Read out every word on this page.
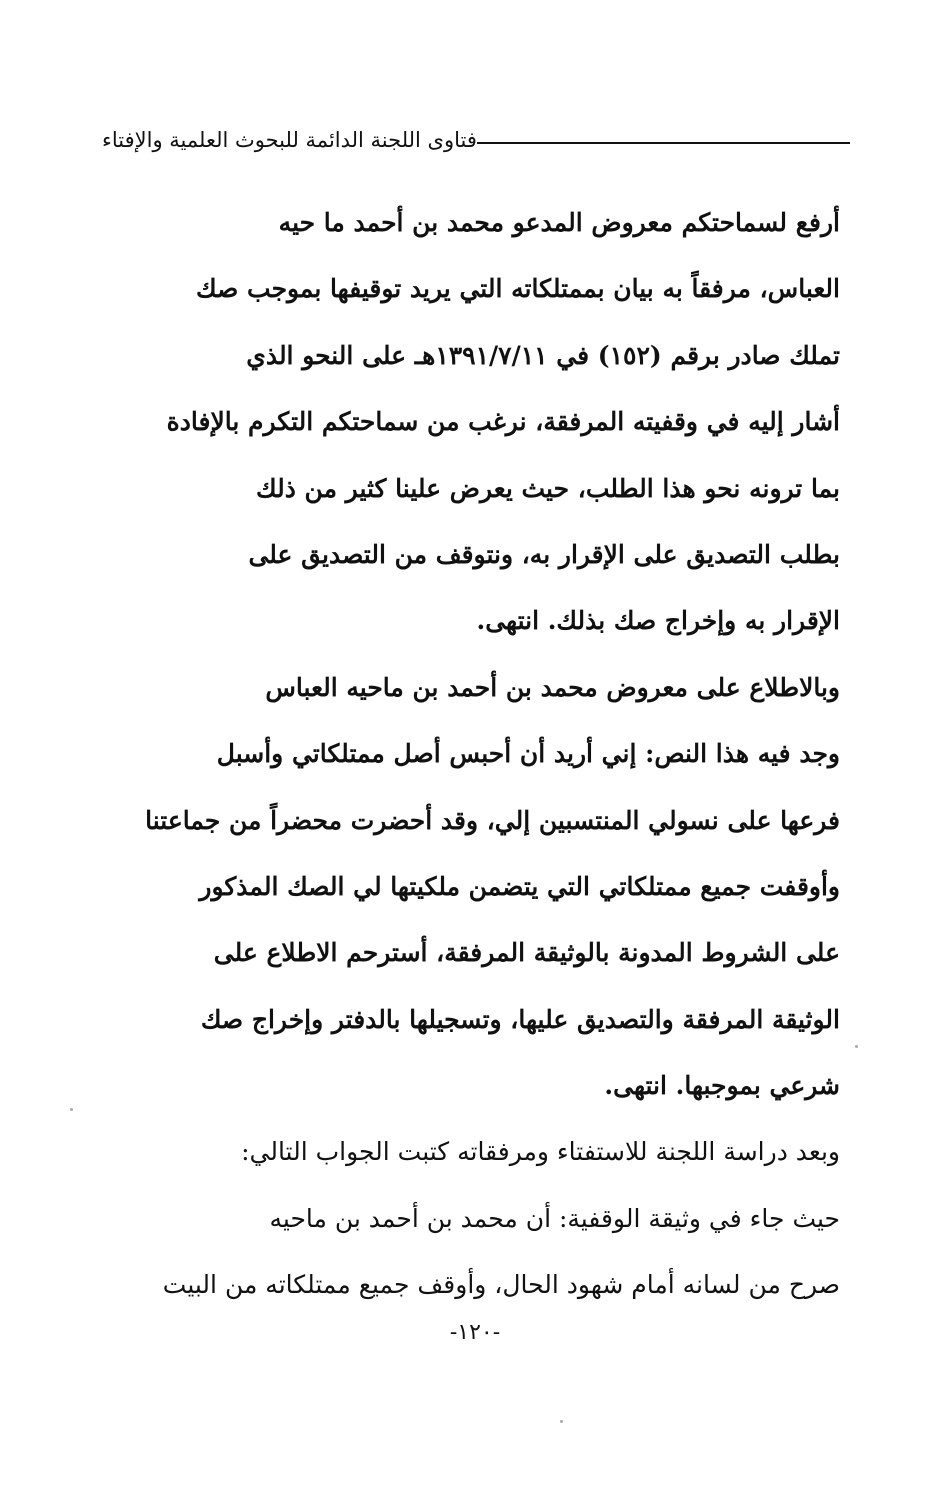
فتاوى اللجنة الدائمة للبحوث العلمية والإفتاء
أرفع لسماحتكم معروض المدعو محمد بن أحمد ما حيه
العباس، مرفقاً به بيان بممتلكاته التي يريد توقيفها بموجب صك
تملك صادر برقم (١٥٢) في ١٣٩١/٧/١١هـ على النحو الذي
أشار إليه في وقفيته المرفقة، نرغب من سماحتكم التكرم بالإفادة
بما ترونه نحو هذا الطلب، حيث يعرض علينا كثير من ذلك
بطلب التصديق على الإقرار به، ونتوقف من التصديق على
الإقرار به وإخراج صك بذلك. انتهى.
وبالاطلاع على معروض محمد بن أحمد بن ماحيه العباس
وجد فيه هذا النص: إني أريد أن أحبس أصل ممتلكاتي وأسبل
فرعها على نسولي المنتسبين إلي، وقد أحضرت محضراً من جماعتنا
وأوقفت جميع ممتلكاتي التي يتضمن ملكيتها لي الصك المذكور
على الشروط المدونة بالوثيقة المرفقة، أسترحم الاطلاع على
الوثيقة المرفقة والتصديق عليها، وتسجيلها بالدفتر وإخراج صك
شرعي بموجبها. انتهى.
وبعد دراسة اللجنة للاستفتاء ومرفقاته كتبت الجواب التالي:
حيث جاء في وثيقة الوقفية: أن محمد بن أحمد بن ماحيه
صرح من لسانه أمام شهود الحال، وأوقف جميع ممتلكاته من البيت
-١٢٠-
